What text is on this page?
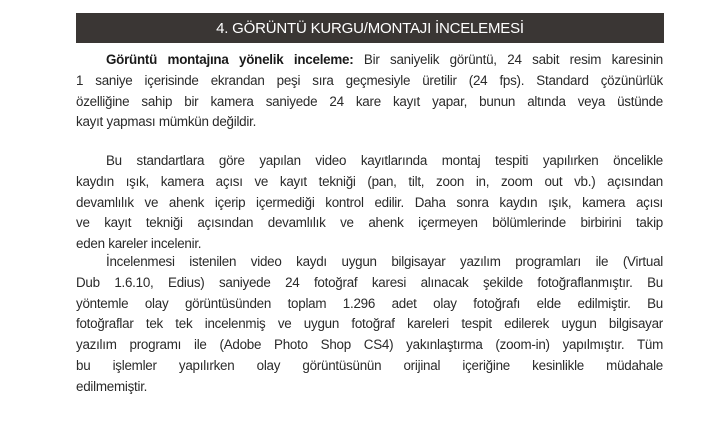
4. GÖRÜNTÜ KURGU/MONTAJI İNCELEMESİ
Görüntü montajına yönelik inceleme: Bir saniyelik görüntü, 24 sabit resim karesinin
1 saniye içerisinde ekrandan peşi sıra geçmesiyle üretilir (24 fps). Standard çözünürlük
özelliğine sahip bir kamera saniyede 24 kare kayıt yapar, bunun altında veya üstünde
kayıt yapması mümkün değildir.
Bu standartlara göre yapılan video kayıtlarında montaj tespiti yapılırken öncelikle
kaydın ışık, kamera açısı ve kayıt tekniği (pan, tilt, zoon in, zoom out vb.) açısından
devamlılık ve ahenk içerip içermediği kontrol edilir. Daha sonra kaydın ışık, kamera açısı
ve kayıt tekniği açısından devamlılık ve ahenk içermeyen bölümlerinde birbirini takip
eden kareler incelenir.
İncelenmesi istenilen video kaydı uygun bilgisayar yazılım programları ile (Virtual
Dub 1.6.10, Edius) saniyede 24 fotoğraf karesi alınacak şekilde fotoğraflanmıştır. Bu
yöntemle olay görüntüsünden toplam 1.296 adet olay fotoğrafı elde edilmiştir. Bu
fotoğraflar tek tek incelenmiş ve uygun fotoğraf kareleri tespit edilerek uygun bilgisayar
yazılım programı ile (Adobe Photo Shop CS4) yakınlaştırma (zoom-in) yapılmıştır. Tüm
bu işlemler yapılırken olay görüntüsünün orijinal içeriğine kesinlikle müdahale
edilmemiştir.
